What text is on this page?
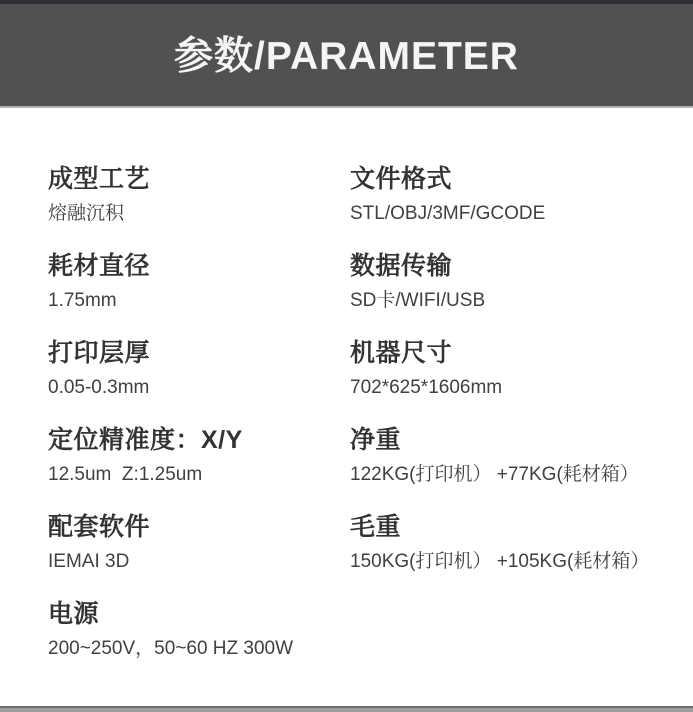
参数/PARAMETER
成型工艺
熔融沉积
耗材直径
1.75mm
打印层厚
0.05-0.3mm
定位精准度：X/Y
12.5um  Z:1.25um
配套软件
IEMAI 3D
电源
200~250V，50~60 HZ 300W
文件格式
STL/OBJ/3MF/GCODE
数据传输
SD卡/WIFI/USB
机器尺寸
702*625*1606mm
净重
122KG(打印机） +77KG(耗材箱）
毛重
150KG(打印机） +105KG(耗材箱）
